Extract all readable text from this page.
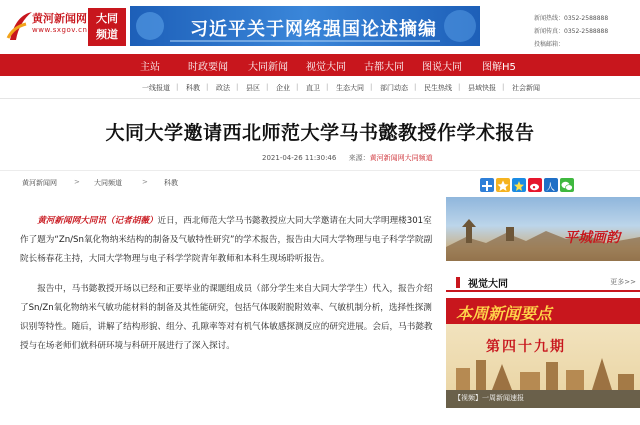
黄河新闻网
www.sxgov.cn
大同
频道	习近平关于网络强国论述摘编
新闻热线：0352-2588888
新闻传真：0352-2588888
投稿邮箱：
主站	时政要闻 大同新闻 视觉大同 古都大同 图说大同 图解H5
一线报道 | 科教 | 政法 | 县区 | 企业 | 直卫 | 生态大同 | 部门动态 | 民生热线 | 县域快报 | 社会新闻
大同大学邀请西北师范大学马书懿教授作学术报告
2021-04-26 11:30:46 来源：黄河新闻网大同频道
黄河新闻网 > 大同频道	> 科教	人

黄河新闻网大同讯（记者胡薇）近日，西北师范大学马书懿教授应大同大学邀请在大同大学明理楼301室作了题为“Zn/Sn氧化物纳米结构的制备及气敏特性研究”的学术报告，报告由大同大学物理与电子科学学院副院长杨春花主持，大同大学物理与电子科学学院青年教师和本科生现场聆听报告。

报告中，马书懿教授开场以已经和正要毕业的课题组成员（部分学生来自大同大学学生）代入，报告介绍了Sn/Zn氧化物纳米气敏功能材料的制备及其性能研究，包括气体吸附脱附效率、气敏机制分析，选择性探测识别等特性。随后，讲解了结构形貌、组分、孔隙率等对有机气体敏感探测反应的研究进展。会后，马书懿教授与在场老师们就科研环境与科研开展进行了深入探讨。

平城画韵
视觉大同	更多>>
本周新闻要点
第四十九期
【视频】一周新闻速报
